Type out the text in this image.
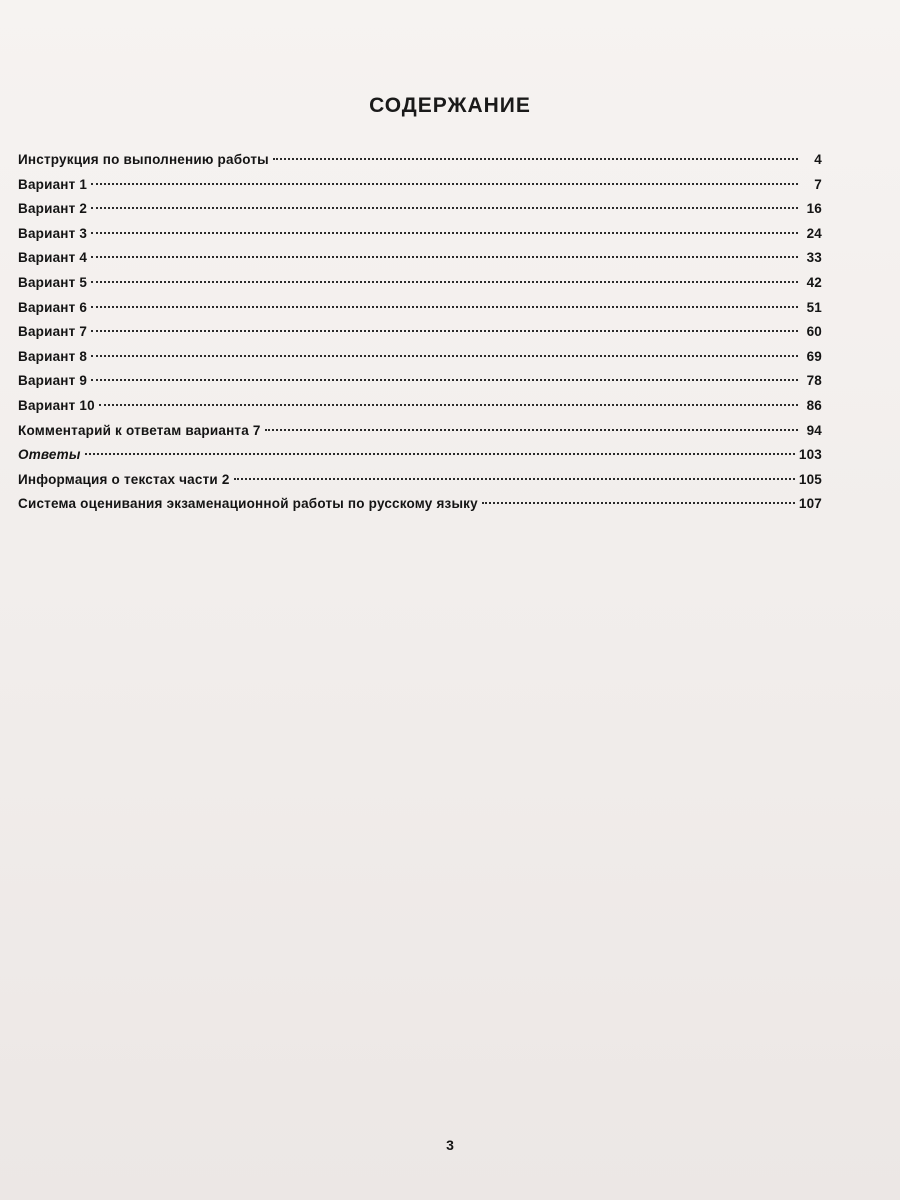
СОДЕРЖАНИЕ
Инструкция по выполнению работы	4
Вариант 1	7
Вариант 2	16
Вариант 3	24
Вариант 4	33
Вариант 5	42
Вариант 6	51
Вариант 7	60
Вариант 8	69
Вариант 9	78
Вариант 10	86
Комментарий к ответам варианта 7	94
Ответы	103
Информация о текстах части 2	105
Система оценивания экзаменационной работы по русскому языку	107
3
